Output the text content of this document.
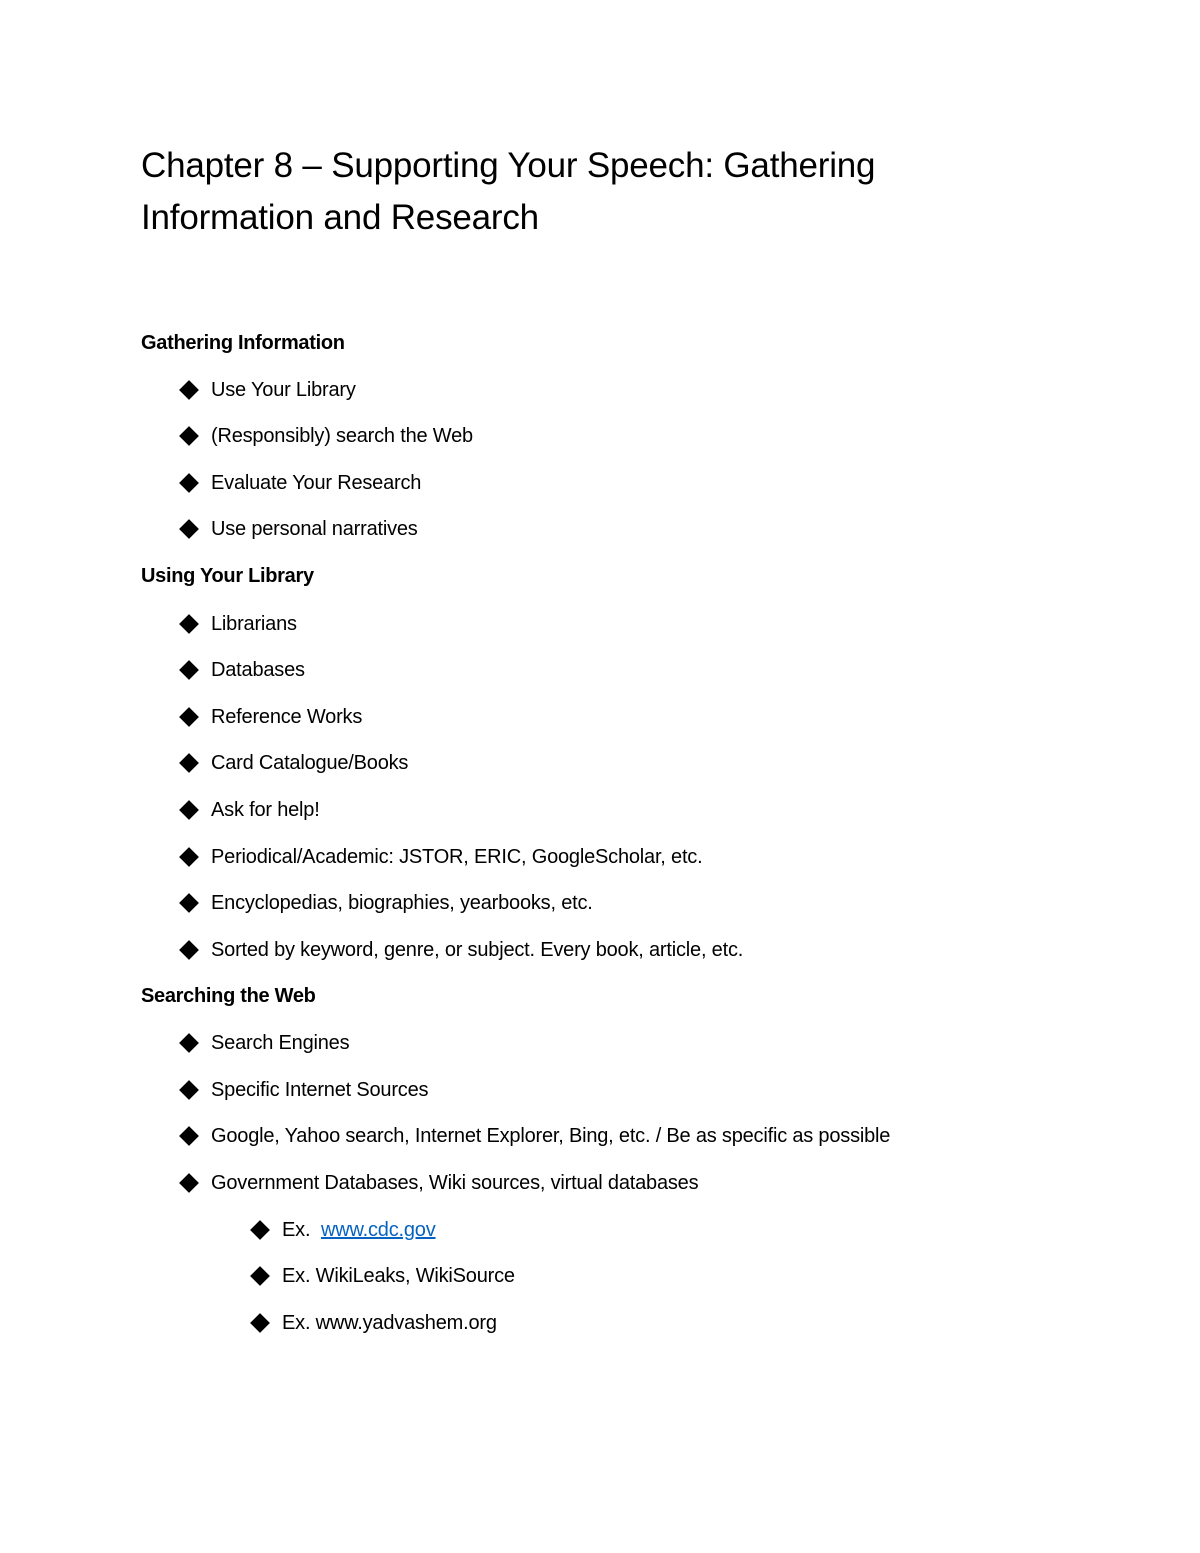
Chapter 8 – Supporting Your Speech: Gathering Information and Research
Gathering Information
Use Your Library
(Responsibly) search the Web
Evaluate Your Research
Use personal narratives
Using Your Library
Librarians
Databases
Reference Works
Card Catalogue/Books
Ask for help!
Periodical/Academic: JSTOR, ERIC, GoogleScholar, etc.
Encyclopedias, biographies, yearbooks, etc.
Sorted by keyword, genre, or subject. Every book, article, etc.
Searching the Web
Search Engines
Specific Internet Sources
Google, Yahoo search, Internet Explorer, Bing, etc. / Be as specific as possible
Government Databases, Wiki sources, virtual databases
Ex. www.cdc.gov
Ex. WikiLeaks, WikiSource
Ex. www.yadvashem.org
